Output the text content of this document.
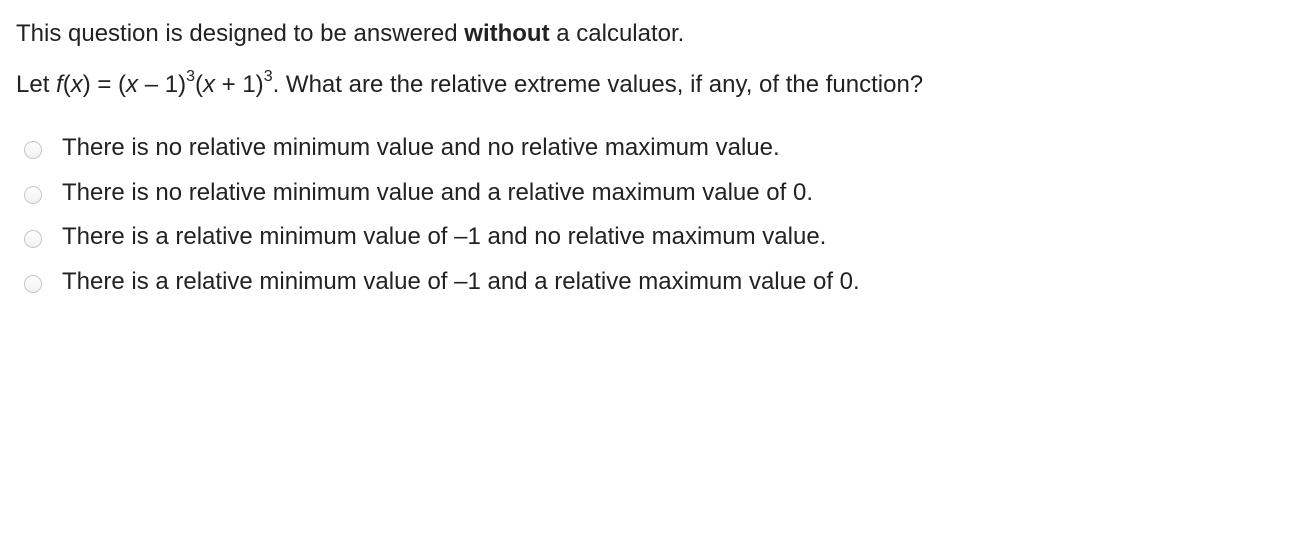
This question is designed to be answered without a calculator.
Let $f(x) = (x - 1)^3(x + 1)^3$. What are the relative extreme values, if any, of the function?
There is no relative minimum value and no relative maximum value.
There is no relative minimum value and a relative maximum value of 0.
There is a relative minimum value of –1 and no relative maximum value.
There is a relative minimum value of –1 and a relative maximum value of 0.
